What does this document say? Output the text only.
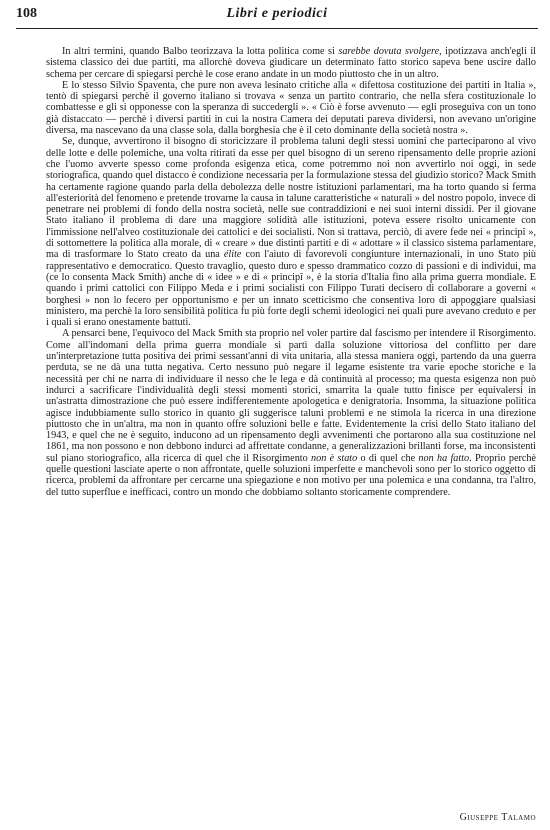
108	Libri e periodici

In altri termini, quando Balbo teorizzava la lotta politica come si sarebbe dovuta svolgere, ipotizzava anch'egli il sistema classico dei due partiti, ma allorchè doveva giudicare un determinato fatto storico sapeva bene uscire dallo schema per cercare di spiegarsi perchè le cose erano andate in un modo piuttosto che in un altro.

E lo stesso Silvio Spaventa, che pure non aveva lesinato critiche alla « difettosa costituzione dei partiti in Italia », tentò di spiegarsi perchè il governo italiano si trovava « senza un partito contrario, che nella sfera costituzionale lo combattesse e gli si opponesse con la speranza di succedergli ». « Ciò è forse avvenuto — egli proseguiva con un tono già distaccato — perchè i diversi partiti in cui la nostra Camera dei deputati pareva dividersi, non avevano un'origine diversa, ma nascevano da una classe sola, dalla borghesia che è il ceto dominante della società nostra ».

Se, dunque, avvertirono il bisogno di storicizzare il problema taluni degli stessi uomini che parteciparono al vivo delle lotte e delle polemiche, una volta ritirati da esse per quel bisogno di un sereno ripensamento delle proprie azioni che l'uomo avverte spesso come profonda esigenza etica, come potremmo noi non avvertirlo noi oggi, in sede storiografica, quando quel distacco è condizione necessaria per la formulazione stessa del giudizio storico? Mack Smith ha certamente ragione quando parla della debolezza delle nostre istituzioni parlamentari, ma ha torto quando si ferma all'esteriorità del fenomeno e pretende trovarne la causa in talune caratteristiche « naturali » del nostro popolo, invece di penetrare nei problemi di fondo della nostra società, nelle sue contraddizioni e nei suoi interni dissidi. Per il giovane Stato italiano il problema di dare una maggiore solidità alle istituzioni, poteva essere risolto unicamente con l'immissione nell'alveo costituzionale dei cattolici e dei socialisti. Non si trattava, perciò, di avere fede nei « principî », di sottomettere la politica alla morale, di « creare » due distinti partiti e di « adottare » il classico sistema parlamentare, ma di trasformare lo Stato creato da una élite con l'aiuto di favorevoli congiunture internazionali, in uno Stato più rappresentativo e democratico. Questo travaglio, questo duro e spesso drammatico cozzo di passioni e di individui, ma (ce lo consenta Mack Smith) anche di « idee » e di « principî », è la storia d'Italia fino alla prima guerra mondiale. E quando i primi cattolici con Filippo Meda e i primi socialisti con Filippo Turati decisero di collaborare a governi « borghesi » non lo fecero per opportunismo e per un innato scetticismo che consentiva loro di appoggiare qualsiasi ministero, ma perchè la loro sensibilità politica fu più forte degli schemi ideologici nei quali pure avevano creduto e per i quali si erano onestamente battuti.

A pensarci bene, l'equivoco del Mack Smith sta proprio nel voler partire dal fascismo per intendere il Risorgimento. Come all'indomani della prima guerra mondiale si partì dalla soluzione vittoriosa del conflitto per dare un'interpretazione tutta positiva dei primi sessant'anni di vita unitaria, alla stessa maniera oggi, partendo da una guerra perduta, se ne dà una tutta negativa. Certo nessuno può negare il legame esistente tra varie epoche storiche e la necessità per chi ne narra di individuare il nesso che le lega e dà continuità al processo; ma questa esigenza non può indurci a sacrificare l'individualità degli stessi momenti storici, smarrita la quale tutto finisce per equivalersi in un'astratta dimostrazione che può essere indifferentemente apologetica e denigratoria. Insomma, la situazione politica agisce indubbiamente sullo storico in quanto gli suggerisce taluni problemi e ne stimola la ricerca in una direzione piuttosto che in un'altra, ma non in quanto offre soluzioni belle e fatte. Evidentemente la crisi dello Stato italiano del 1943, e quel che ne è seguito, inducono ad un ripensamento degli avvenimenti che portarono alla sua costituzione nel 1861, ma non possono e non debbono indurci ad affrettate condanne, a generalizzazioni brillanti forse, ma inconsistenti sul piano storiografico, alla ricerca di quel che il Risorgimento non è stato o di quel che non ha fatto. Proprio perchè quelle questioni lasciate aperte o non affrontate, quelle soluzioni imperfette e manchevoli sono per lo storico oggetto di ricerca, problemi da affrontare per cercarne una spiegazione e non motivo per una polemica e una condanna, tra l'altro, del tutto superflue e inefficaci, contro un mondo che dobbiamo soltanto storicamente comprendere.

Giuseppe Talamo
